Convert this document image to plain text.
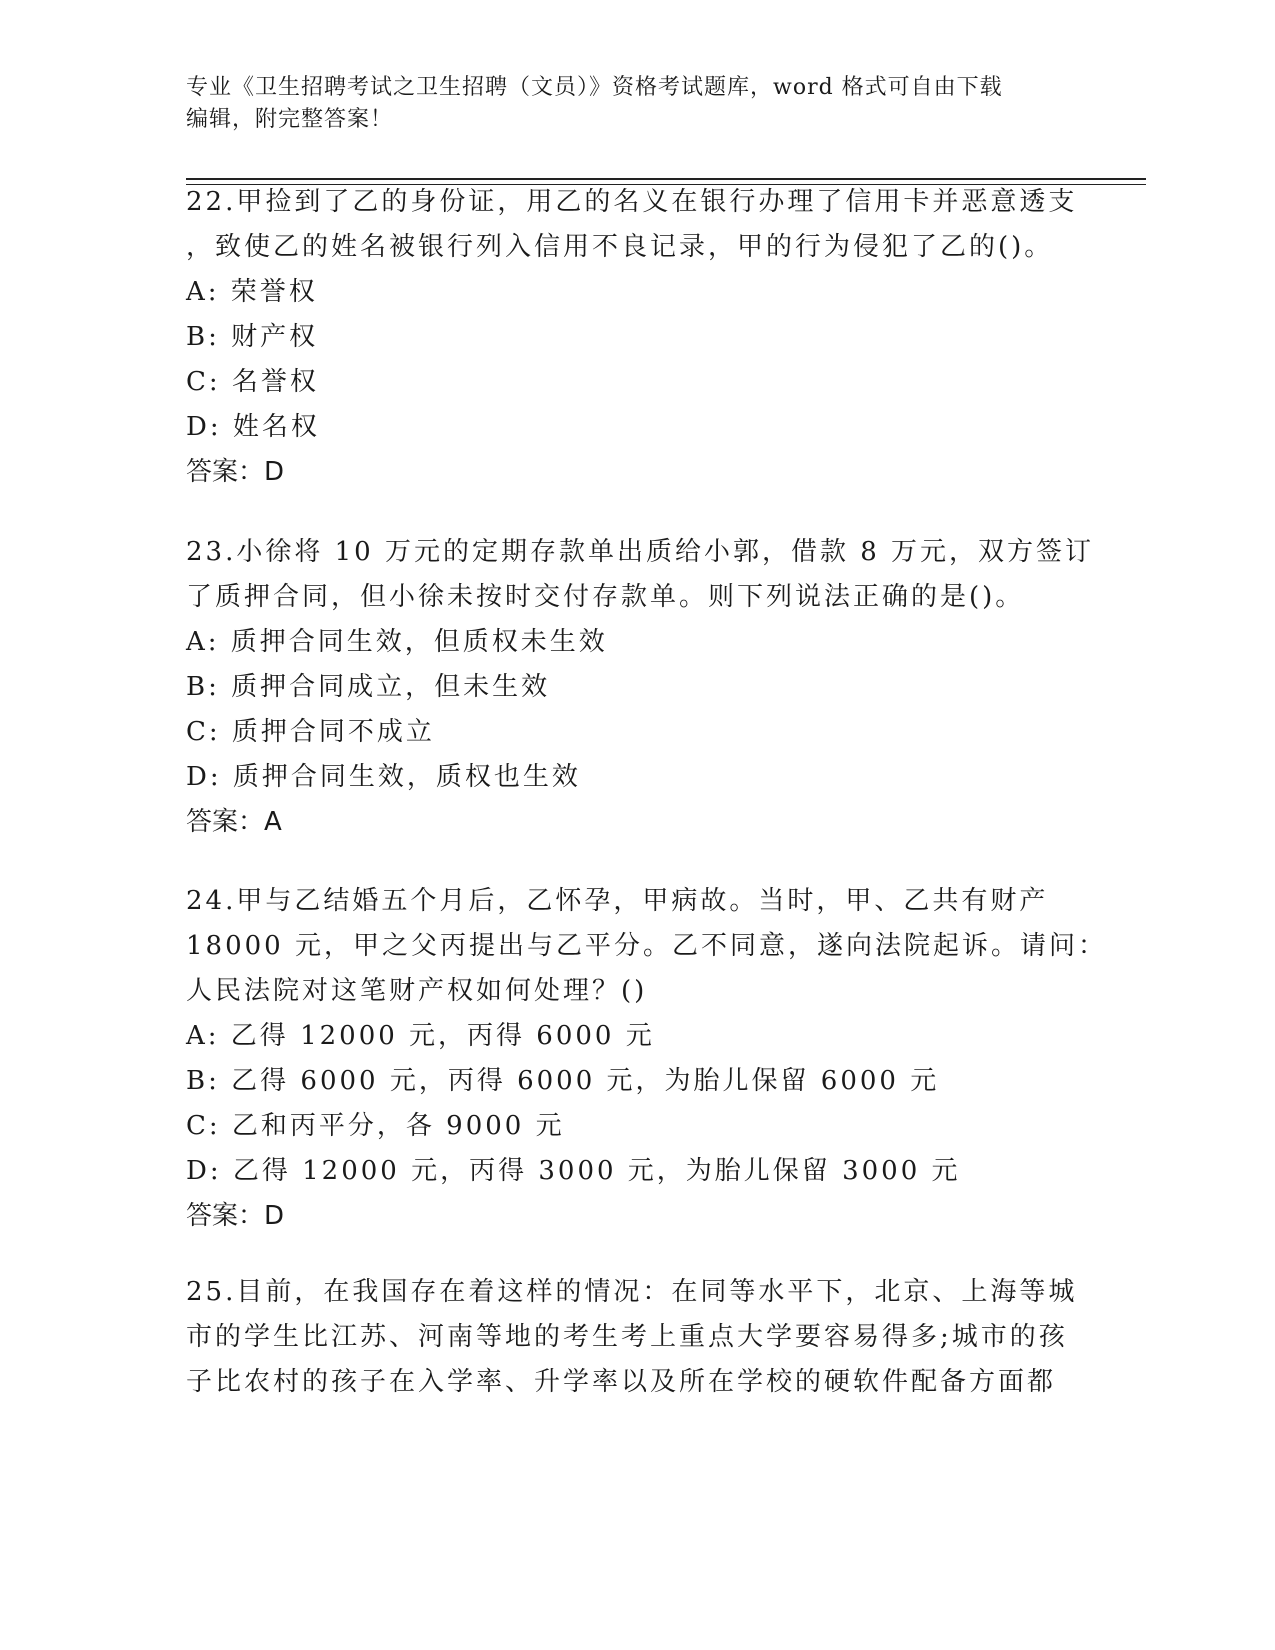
专业《卫生招聘考试之卫生招聘（文员）》资格考试题库，word 格式可自由下载
编辑，附完整答案！
22.甲捡到了乙的身份证，用乙的名义在银行办理了信用卡并恶意透支
，致使乙的姓名被银行列入信用不良记录，甲的行为侵犯了乙的()。
A: 荣誉权
B: 财产权
C: 名誉权
D: 姓名权
答案：D
23.小徐将 10 万元的定期存款单出质给小郭，借款 8 万元，双方签订
了质押合同，但小徐未按时交付存款单。则下列说法正确的是()。
A: 质押合同生效，但质权未生效
B: 质押合同成立，但未生效
C: 质押合同不成立
D: 质押合同生效，质权也生效
答案：A
24.甲与乙结婚五个月后，乙怀孕，甲病故。当时，甲、乙共有财产
18000 元，甲之父丙提出与乙平分。乙不同意，遂向法院起诉。请问：
人民法院对这笔财产权如何处理？()
A: 乙得 12000 元，丙得 6000 元
B: 乙得 6000 元，丙得 6000 元，为胎儿保留 6000 元
C: 乙和丙平分，各 9000 元
D: 乙得 12000 元，丙得 3000 元，为胎儿保留 3000 元
答案：D
25.目前，在我国存在着这样的情况：在同等水平下，北京、上海等城
市的学生比江苏、河南等地的考生考上重点大学要容易得多;城市的孩
子比农村的孩子在入学率、升学率以及所在学校的硬软件配备方面都
